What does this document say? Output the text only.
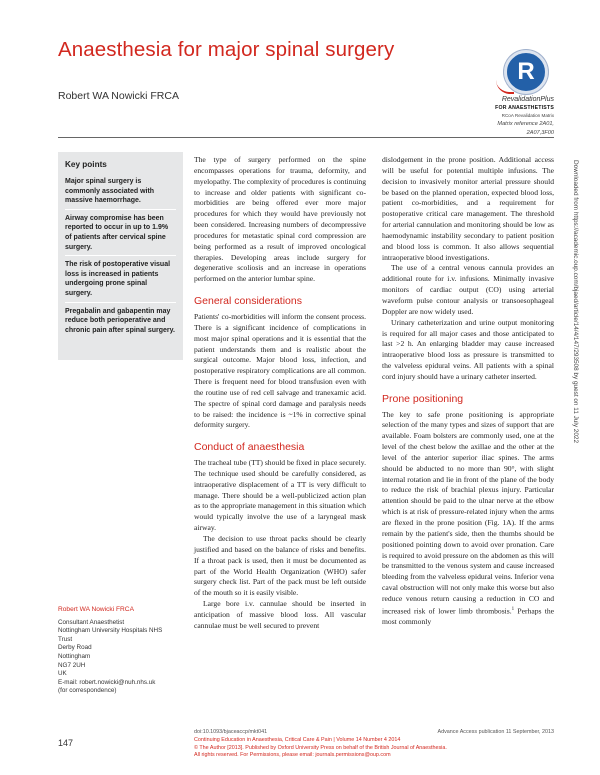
Anaesthesia for major spinal surgery
Robert WA Nowicki FRCA
R
RevalidationPlus
FOR ANAESTHETISTS
RCoA Revalidation Matrix
Matrix reference 2A01,
2A07,3F00
Key points
Major spinal surgery is commonly associated with massive haemorrhage.
Airway compromise has been reported to occur in up to 1.9% of patients after cervical spine surgery.
The risk of postoperative visual loss is increased in patients undergoing prone spinal surgery.
Pregabalin and gabapentin may reduce both perioperative and chronic pain after spinal surgery.
Robert WA Nowicki FRCA
Consultant Anaesthetist
Nottingham University Hospitals NHS
Trust
Derby Road
Nottingham
NG7 2UH
UK
E-mail: robert.nowicki@nuh.nhs.uk
(for correspondence)

The type of surgery performed on the spine encompasses operations for trauma, deformity, and myelopathy. The complexity of procedures is continuing to increase and older patients with significant co-morbidities are being offered ever more major procedures for which they would have previously not been considered. Increasing numbers of decompressive procedures for metastatic spinal cord compression are being performed as a result of improved oncological therapies. Developing areas include surgery for degenerative scoliosis and an increase in operations performed on the anterior lumbar spine.

General considerations

Patients' co-morbidities will inform the consent process. There is a significant incidence of complications in most major spinal operations and it is essential that the patient understands them and is realistic about the surgical outcome. Major blood loss, infection, and postoperative respiratory complications are all common. There is frequent need for blood transfusion even with the routine use of red cell salvage and tranexamic acid. The spectre of spinal cord damage and paralysis needs to be raised: the incidence is ~1% in corrective spinal deformity surgery.

Conduct of anaesthesia

The tracheal tube (TT) should be fixed in place securely. The technique used should be carefully considered, as intraoperative displacement of a TT is very difficult to manage. There should be a well-publicized action plan as to the appropriate management in this situation which would typically involve the use of a laryngeal mask airway.

The decision to use throat packs should be clearly justified and based on the balance of risks and benefits. If a throat pack is used, then it must be documented as part of the World Health Organization (WHO) safer surgery check list. Part of the pack must be left outside of the mouth so it is easily visible.

Large bore i.v. cannulae should be inserted in anticipation of massive blood loss. All vascular cannulae must be well secured to prevent

dislodgement in the prone position. Additional access will be useful for potential multiple infusions. The decision to invasively monitor arterial pressure should be based on the planned operation, expected blood loss, patient co-morbidities, and a requirement for postoperative critical care management. The threshold for arterial cannulation and monitoring should be low as haemodynamic instability secondary to patient position and blood loss is common. It also allows sequential intraoperative blood investigations.

The use of a central venous cannula provides an additional route for i.v. infusions. Minimally invasive monitors of cardiac output (CO) using arterial waveform pulse contour analysis or transoesophageal Doppler are now widely used.

Urinary catheterization and urine output monitoring is required for all major cases and those anticipated to last >2 h. An enlarging bladder may cause increased intraoperative blood loss as pressure is transmitted to the valveless epidural veins. All patients with a spinal cord injury should have a urinary catheter inserted.

Prone positioning

The key to safe prone positioning is appropriate selection of the many types and sizes of support that are available. Foam bolsters are commonly used, one at the level of the chest below the axillae and the other at the level of the anterior superior iliac spines. The arms should be abducted to no more than 90°, with slight internal rotation and lie in front of the plane of the body to reduce the risk of brachial plexus injury. Particular attention should be paid to the ulnar nerve at the elbow which is at risk of pressure-related injury when the arms are flexed in the prone position (Fig. 1A). If the arms remain by the patient's side, then the thumbs should be positioned pointing down to avoid over pronation. Care is required to avoid pressure on the abdomen as this will be transmitted to the venous system and cause increased bleeding from the valveless epidural veins. Inferior vena caval obstruction will not only make this worse but also reduce venous return causing a reduction in CO and increased risk of lower limb thrombosis.$^1$ Perhaps the most commonly

147
doi:10.1093/bjaceaccp/mkt041	Advance Access publication 11 September, 2013
Continuing Education in Anaesthesia, Critical Care & Pain | Volume 14 Number 4 2014
© The Author [2013]. Published by Oxford University Press on behalf of the British Journal of Anaesthesia.
All rights reserved. For Permissions, please email: journals.permissions@oup.com
Downloaded from https://academic.oup.com/bjaed/article/14/4/147/293508 by guest on 11 July 2022
